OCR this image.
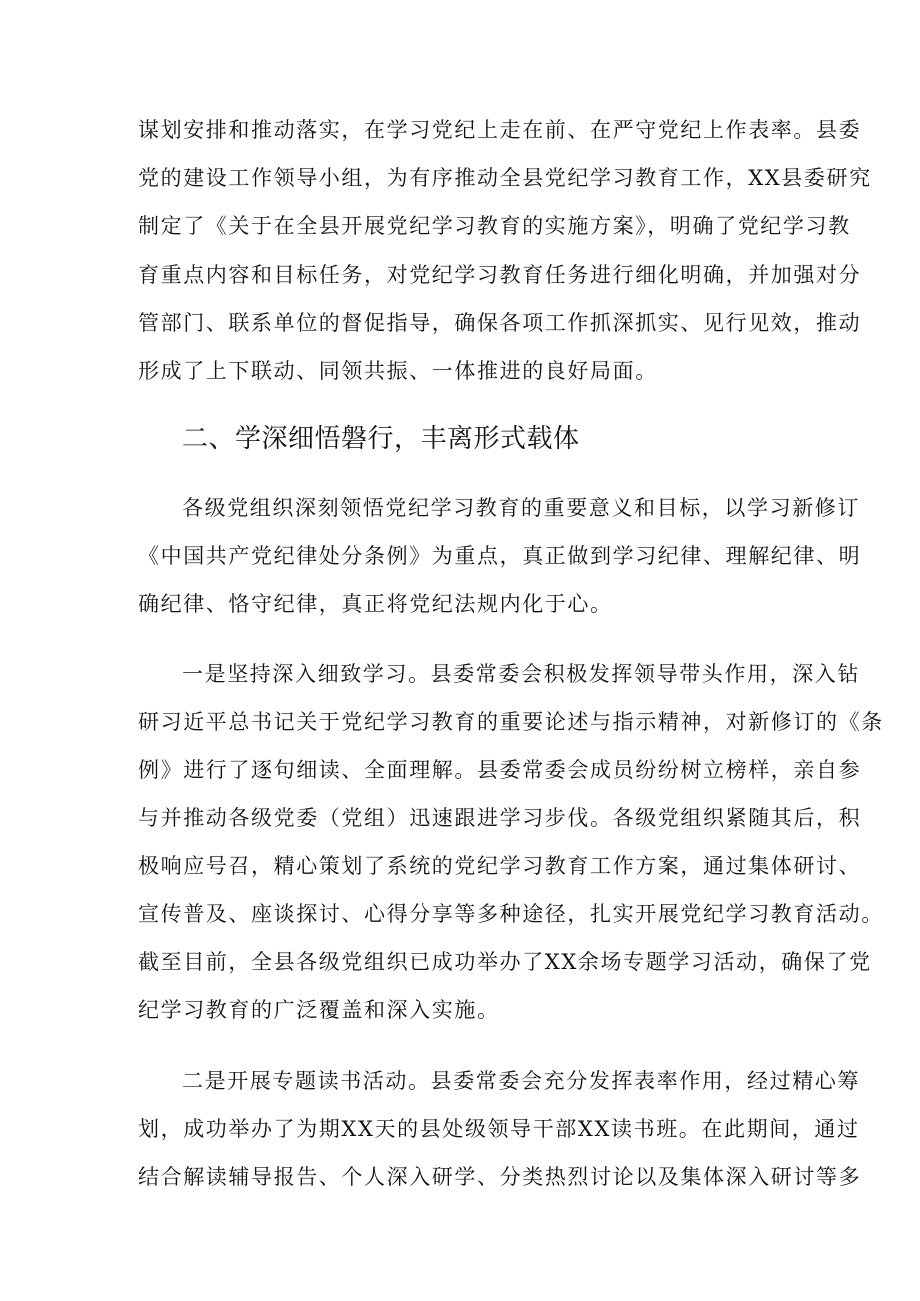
谋划安排和推动落实，在学习党纪上走在前、在严守党纪上作表率。县委
党的建设工作领导小组，为有序推动全县党纪学习教育工作，XX县委研究
制定了《关于在全县开展党纪学习教育的实施方案》，明确了党纪学习教
育重点内容和目标任务，对党纪学习教育任务进行细化明确，并加强对分
管部门、联系单位的督促指导，确保各项工作抓深抓实、见行见效，推动
形成了上下联动、同领共振、一体推进的良好局面。
二、学深细悟磐行，丰离形式载体
各级党组织深刻领悟党纪学习教育的重要意义和目标，以学习新修订
《中国共产党纪律处分条例》为重点，真正做到学习纪律、理解纪律、明
确纪律、恪守纪律，真正将党纪法规内化于心。
一是坚持深入细致学习。县委常委会积极发挥领导带头作用，深入钻
研习近平总书记关于党纪学习教育的重要论述与指示精神，对新修订的《条
例》进行了逐句细读、全面理解。县委常委会成员纷纷树立榜样，亲自参
与并推动各级党委（党组）迅速跟进学习步伐。各级党组织紧随其后，积
极响应号召，精心策划了系统的党纪学习教育工作方案，通过集体研讨、
宣传普及、座谈探讨、心得分享等多种途径，扎实开展党纪学习教育活动。
截至目前，全县各级党组织已成功举办了XX余场专题学习活动，确保了党
纪学习教育的广泛覆盖和深入实施。
二是开展专题读书活动。县委常委会充分发挥表率作用，经过精心筹
划，成功举办了为期XX天的县处级领导干部XX读书班。在此期间，通过
结合解读辅导报告、个人深入研学、分类热烈讨论以及集体深入研讨等多
